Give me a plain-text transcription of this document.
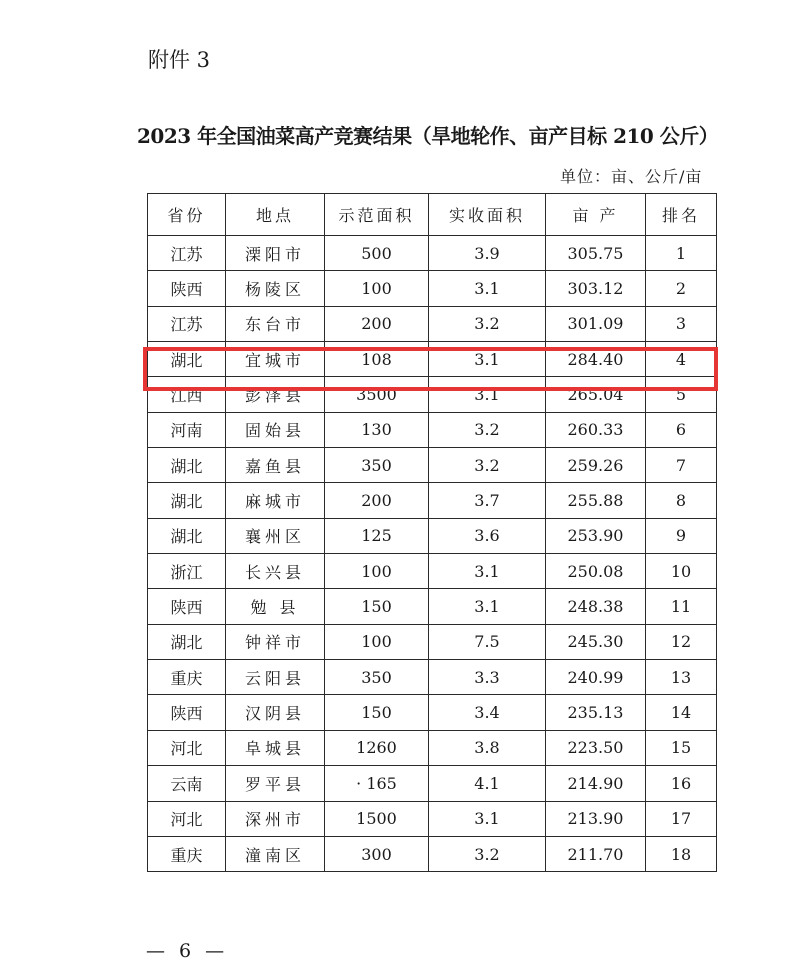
附件 3
2023 年全国油菜高产竞赛结果（旱地轮作、亩产目标 210 公斤）
单位：亩、公斤/亩
省份	地点	示范面积	实收面积	亩 产	排名
江苏	溧阳市	500	3.9	305.75	1
陕西	杨陵区	100	3.1	303.12	2
江苏	东台市	200	3.2	301.09	3
湖北	宜城市	108	3.1	284.40	4
江西	彭泽县	3500	3.1	265.04	5
河南	固始县	130	3.2	260.33	6
湖北	嘉鱼县	350	3.2	259.26	7
湖北	麻城市	200	3.7	255.88	8
湖北	襄州区	125	3.6	253.90	9
浙江	长兴县	100	3.1	250.08	10
陕西	勉 县	150	3.1	248.38	11
湖北	钟祥市	100	7.5	245.30	12
重庆	云阳县	350	3.3	240.99	13
陕西	汉阴县	150	3.4	235.13	14
河北	阜城县	1260	3.8	223.50	15
云南	罗平县	· 165	4.1	214.90	16
河北	深州市	1500	3.1	213.90	17
重庆	潼南区	300	3.2	211.70	18
— 6 —
